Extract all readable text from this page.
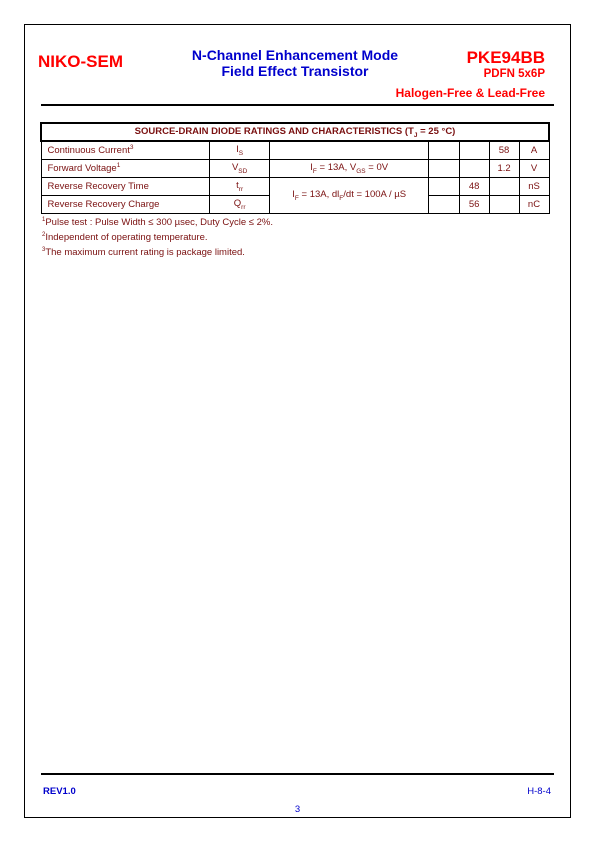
NIKO-SEM	N-Channel Enhancement Mode
Field Effect Transistor
PKE94BB
PDFN 5x6P
Halogen-Free & Lead-Free
SOURCE-DRAIN DIODE RATINGS AND CHARACTERISTICS ($T_J = 25$ °C)						
Continuous Current$^3$	$I_S$				58	A
Forward Voltage$^1$	$V_{SD}$	$I_F = 13A$, $V_{GS} = 0V$			1.2	V
Reverse Recovery Time	$t_{rr}$	$I_F = 13A$, $dl_F/dt = 100A / \mu S$		48		nS
Reverse Recovery Charge	$Q_{rr}$			56		nC
$^1$Pulse test : Pulse Width ≤ 300 µsec, Duty Cycle ≤ 2%.
$^2$Independent of operating temperature.
$^3$The maximum current rating is package limited.
REV1.0	H-8-4
3
